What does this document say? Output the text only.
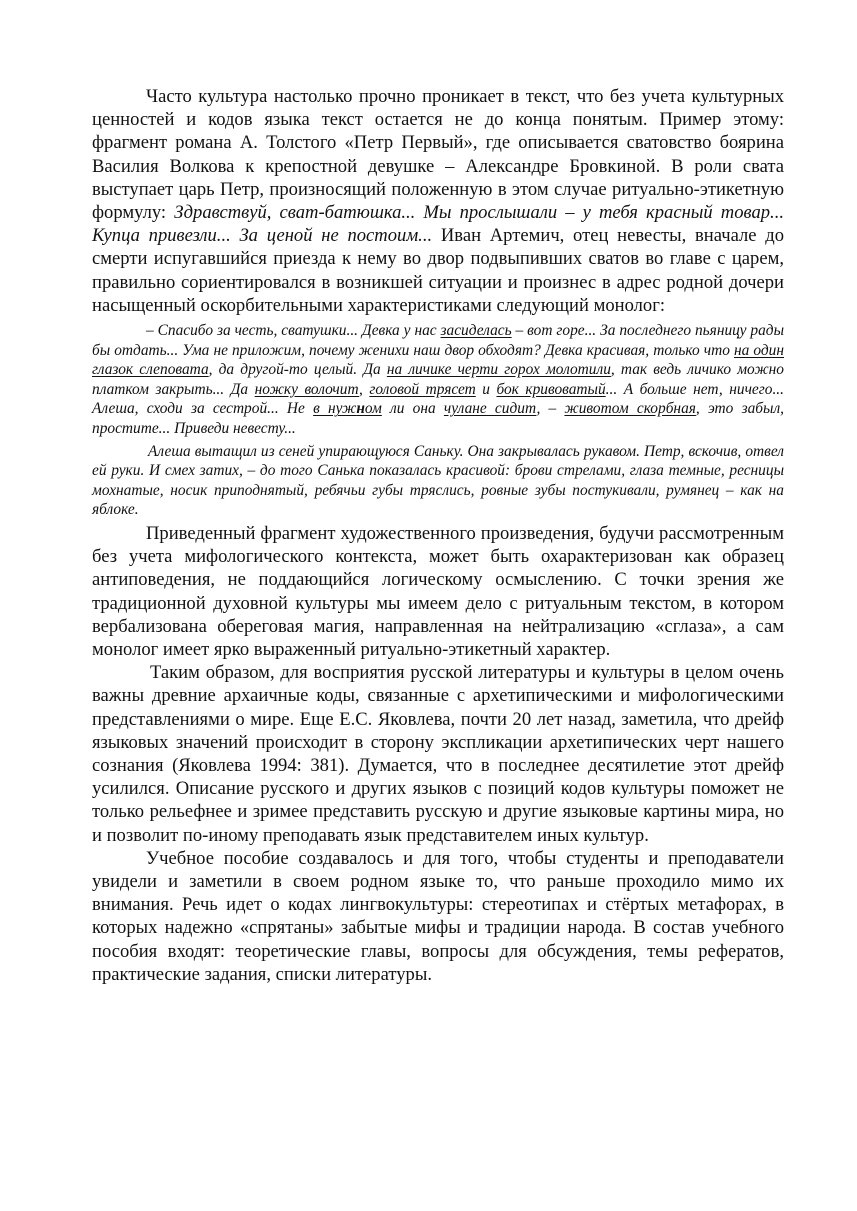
Часто культура настолько прочно проникает в текст, что без учета культурных ценностей и кодов языка текст остается не до конца понятым. Пример этому: фрагмент романа А. Толстого «Петр Первый», где описывается сватовство боярина Василия Волкова к крепостной девушке – Александре Бровкиной. В роли свата выступает царь Петр, произносящий положенную в этом случае ритуально-этикетную формулу: Здравствуй, сват-батюшка... Мы прослышали – у тебя красный товар... Купца привезли... За ценой не постоим... Иван Артемич, отец невесты, вначале до смерти испугавшийся приезда к нему во двор подвыпивших сватов во главе с царем, правильно сориентировался в возникшей ситуации и произнес в адрес родной дочери насыщенный оскорбительными характеристиками следующий монолог:

– Спасибо за честь, сватушки... Девка у нас засиделась – вот горе... За последнего пьяницу рады бы отдать... Ума не приложим, почему женихи наш двор обходят? Девка красивая, только что на один глазок слеповата, да другой-то целый. Да на личике черти горох молотили, так ведь личико можно платком закрыть... Да ножку волочит, головой трясет и бок кривоватый... А больше нет, ничего... Алеша, сходи за сестрой... Не в нужном ли она чулане сидит, – животом скорбная, это забыл, простите... Приведи невесту...

Алеша вытащил из сеней упирающуюся Саньку. Она закрывалась рукавом. Петр, вскочив, отвел ей руки. И смех затих, – до того Санька показалась красивой: брови стрелами, глаза темные, ресницы мохнатые, носик приподнятый, ребячьи губы тряслись, ровные зубы постукивали, румянец – как на яблоке.

Приведенный фрагмент художественного произведения, будучи рассмотренным без учета мифологического контекста, может быть охарактеризован как образец антиповедения, не поддающийся логическому осмыслению. С точки зрения же традиционной духовной культуры мы имеем дело с ритуальным текстом, в котором вербализована обереговая магия, направленная на нейтрализацию «сглаза», а сам монолог имеет ярко выраженный ритуально-этикетный характер.

Таким образом, для восприятия русской литературы и культуры в целом очень важны древние архаичные коды, связанные с архетипическими и мифологическими представлениями о мире. Еще Е.С. Яковлева, почти 20 лет назад, заметила, что дрейф языковых значений происходит в сторону экспликации архетипических черт нашего сознания (Яковлева 1994: 381). Думается, что в последнее десятилетие этот дрейф усилился. Описание русского и других языков с позиций кодов культуры поможет не только рельефнее и зримее представить русскую и другие языковые картины мира, но и позволит по-иному преподавать язык представителем иных культур.

Учебное пособие создавалось и для того, чтобы студенты и преподаватели увидели и заметили в своем родном языке то, что раньше проходило мимо их внимания. Речь идет о кодах лингвокультуры: стереотипах и стёртых метафорах, в которых надежно «спрятаны» забытые мифы и традиции народа. В состав учебного пособия входят: теоретические главы, вопросы для обсуждения, темы рефератов, практические задания, списки литературы.
